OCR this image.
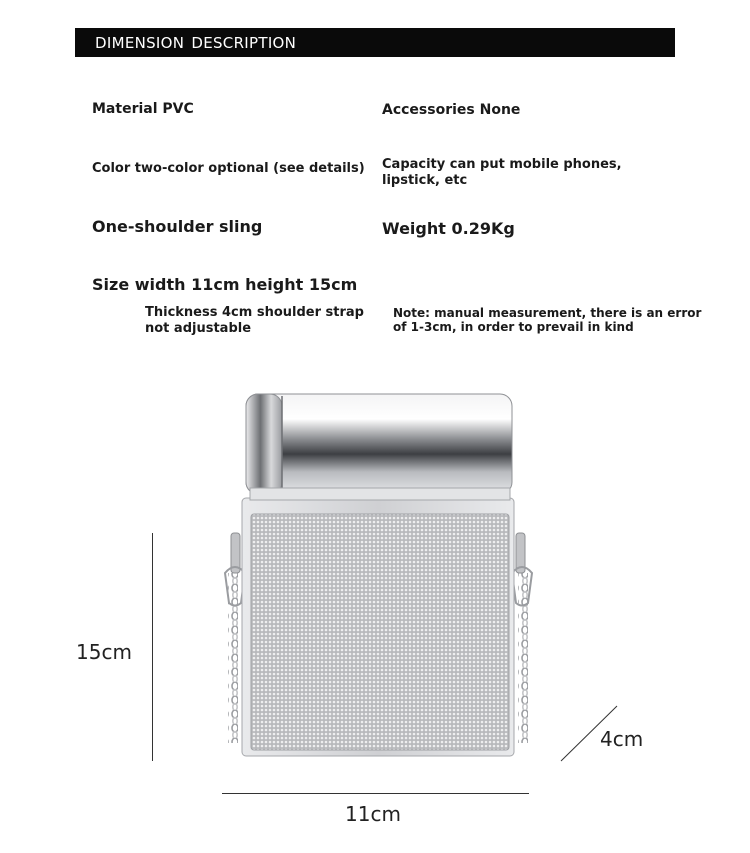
DIMENSION DESCRIPTION
Material PVC	Accessories None
Color two-color optional (see details) Capacity can put mobile phones, lipstick, etc
One-shoulder sling	Weight 0.29Kg
Size width 11cm height 15cm
Thickness 4cm shoulder strap not adjustable
Note: manual measurement, there is an error of 1-3cm, in order to prevail in kind
15cm
4cm
11cm
